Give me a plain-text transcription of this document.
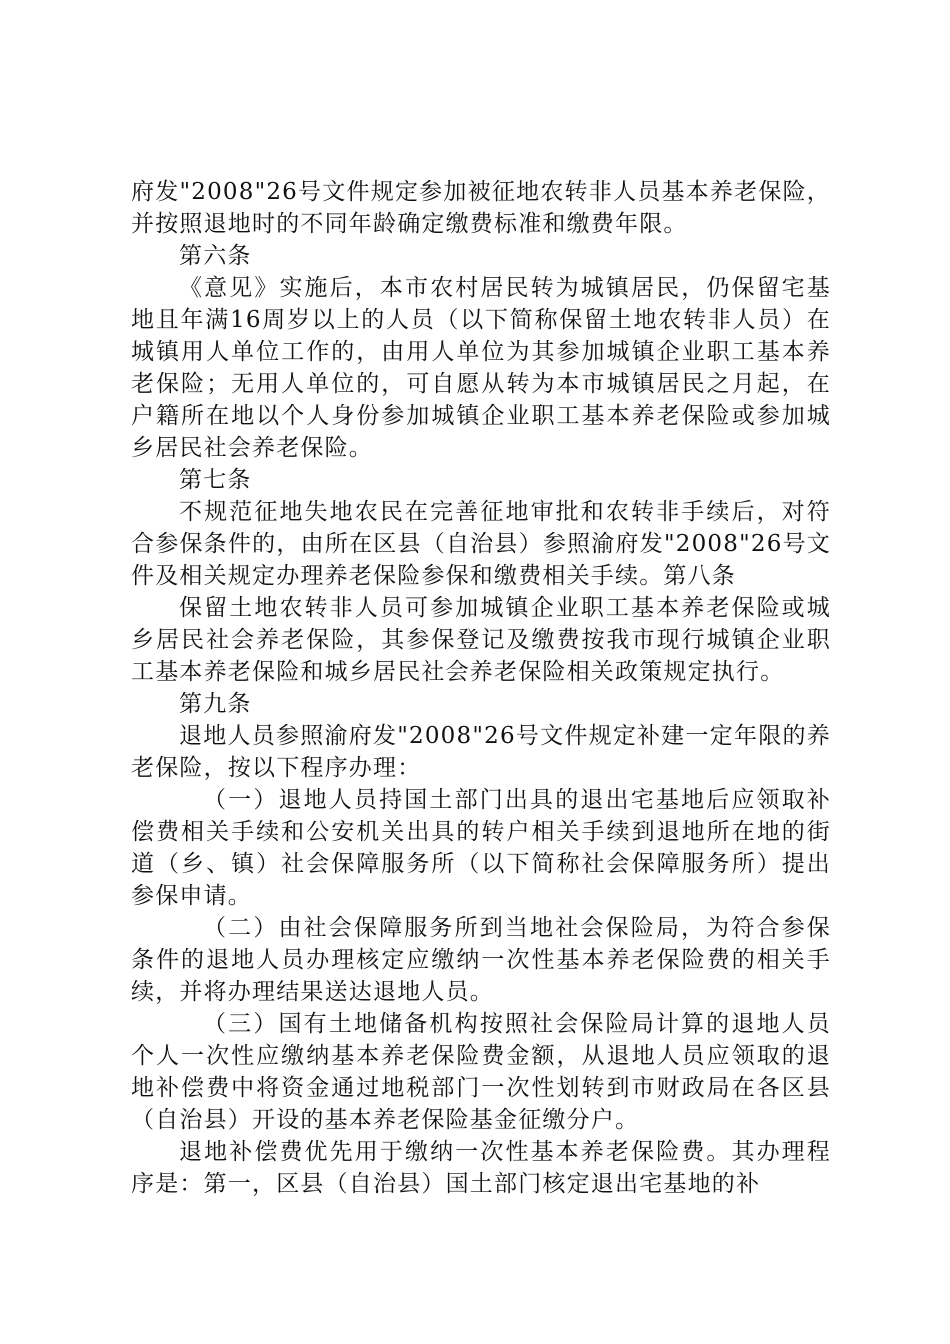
府发"2008"26号文件规定参加被征地农转非人员基本养老保险，并按照退地时的不同年龄确定缴费标准和缴费年限。

第六条

《意见》实施后，本市农村居民转为城镇居民，仍保留宅基地且年满16周岁以上的人员（以下简称保留土地农转非人员）在城镇用人单位工作的，由用人单位为其参加城镇企业职工基本养老保险；无用人单位的，可自愿从转为本市城镇居民之月起，在户籍所在地以个人身份参加城镇企业职工基本养老保险或参加城乡居民社会养老保险。

第七条

不规范征地失地农民在完善征地审批和农转非手续后，对符合参保条件的，由所在区县（自治县）参照渝府发"2008"26号文件及相关规定办理养老保险参保和缴费相关手续。第八条

保留土地农转非人员可参加城镇企业职工基本养老保险或城乡居民社会养老保险，其参保登记及缴费按我市现行城镇企业职工基本养老保险和城乡居民社会养老保险相关政策规定执行。

第九条

退地人员参照渝府发"2008"26号文件规定补建一定年限的养老保险，按以下程序办理：

（一）退地人员持国土部门出具的退出宅基地后应领取补偿费相关手续和公安机关出具的转户相关手续到退地所在地的街道（乡、镇）社会保障服务所（以下简称社会保障服务所）提出参保申请。

（二）由社会保障服务所到当地社会保险局，为符合参保条件的退地人员办理核定应缴纳一次性基本养老保险费的相关手续，并将办理结果送达退地人员。

（三）国有土地储备机构按照社会保险局计算的退地人员个人一次性应缴纳基本养老保险费金额，从退地人员应领取的退地补偿费中将资金通过地税部门一次性划转到市财政局在各区县（自治县）开设的基本养老保险基金征缴分户。

退地补偿费优先用于缴纳一次性基本养老保险费。其办理程序是：第一，区县（自治县）国土部门核定退出宅基地的补
